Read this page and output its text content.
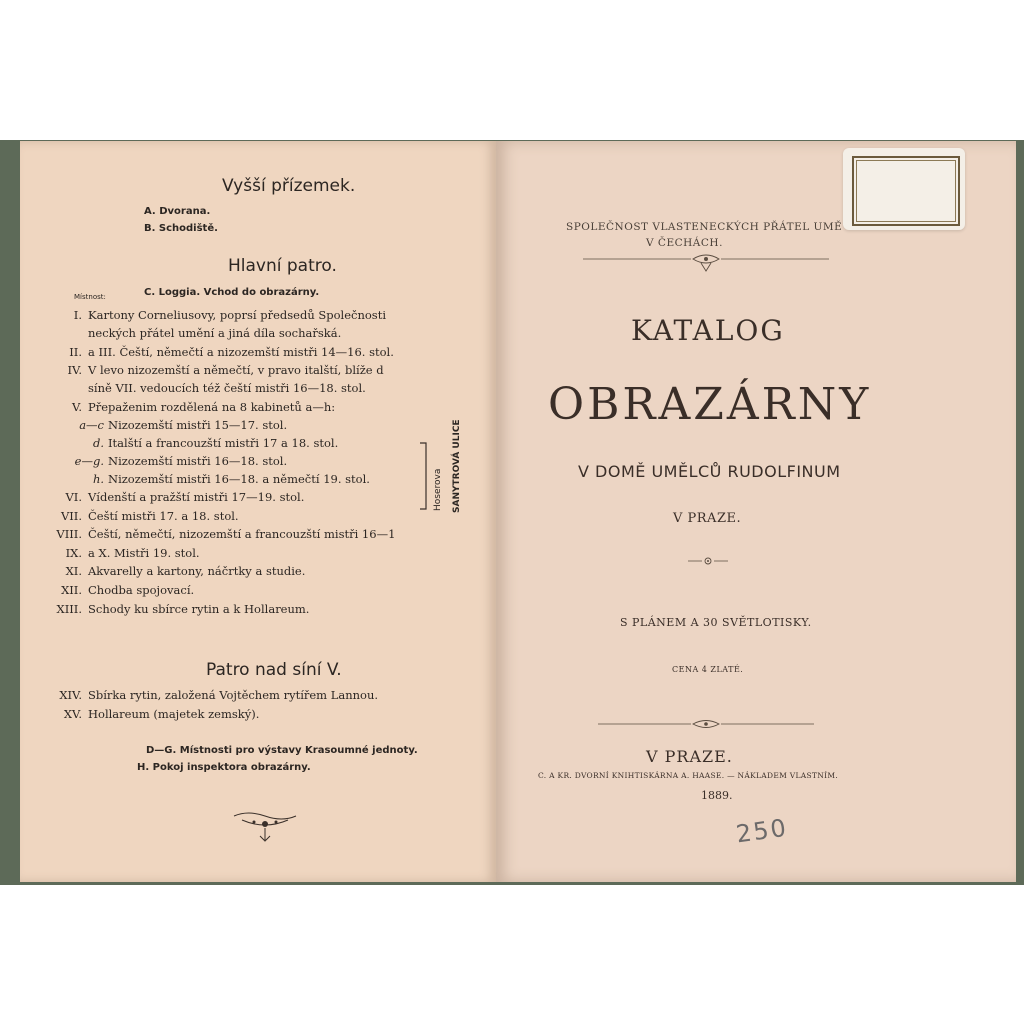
Vyšší přízemek.
A. Dvorana.
B. Schodiště.
Hlavní patro.
C. Loggia. Vchod do obrazárny.
Místnost:
I. Kartony Corneliusovy, poprsí předsedů Společnosti
neckých přátel umění a jiná díla sochařská.
II. a III. Čeští, němečtí a nizozemští mistři 14—16. stol.
IV. V levo nizozemští a němečtí, v pravo italští, blíže d
síně VII. vedoucích též čeští mistři 16—18. stol.
V. Přepaženim rozdělená na 8 kabinetů a—h:
a—c Nizozemští mistři 15—17. stol.
d. Italští a francouzští mistři 17 a 18. stol.
e—g. Nizozemští mistři 16—18. stol.
h. Nizozemští mistři 16—18. a němečtí 19. stol.
VI. Vídenští a pražští mistři 17—19. stol.
VII. Čeští mistři 17. a 18. stol.
VIII. Čeští, němečtí, nizozemští a francouzští mistři 16—1
IX. a X. Mistři 19. stol.
XI. Akvarelly a kartony, náčrtky a studie.
XII. Chodba spojovací.
XIII. Schody ku sbírce rytin a k Hollareum.
Hoserova SANYTROVÁ ULICE
Patro nad síní V.
XIV. Sbírka rytin, založená Vojtěchem rytířem Lannou.
XV. Hollareum (majetek zemský).
D—G. Místnosti pro výstavy Krasoumné jednoty.
H. Pokoj inspektora obrazárny.
SPOLEČNOST VLASTENECKÝCH PŘÁTEL UMĚ
V ČECHÁCH.
KATALOG
OBRAZÁRNY
V DOMĚ UMĚLCŮ RUDOLFINUM
V PRAZE.
S PLÁNEM A 30 SVĚTLOTISKY.
CENA 4 ZLATÉ.
V PRAZE.
C. A KR. DVORNÍ KNIHTISKÁRNA A. HAASE. — NÁKLADEM VLASTNÍM.
1889.
250
